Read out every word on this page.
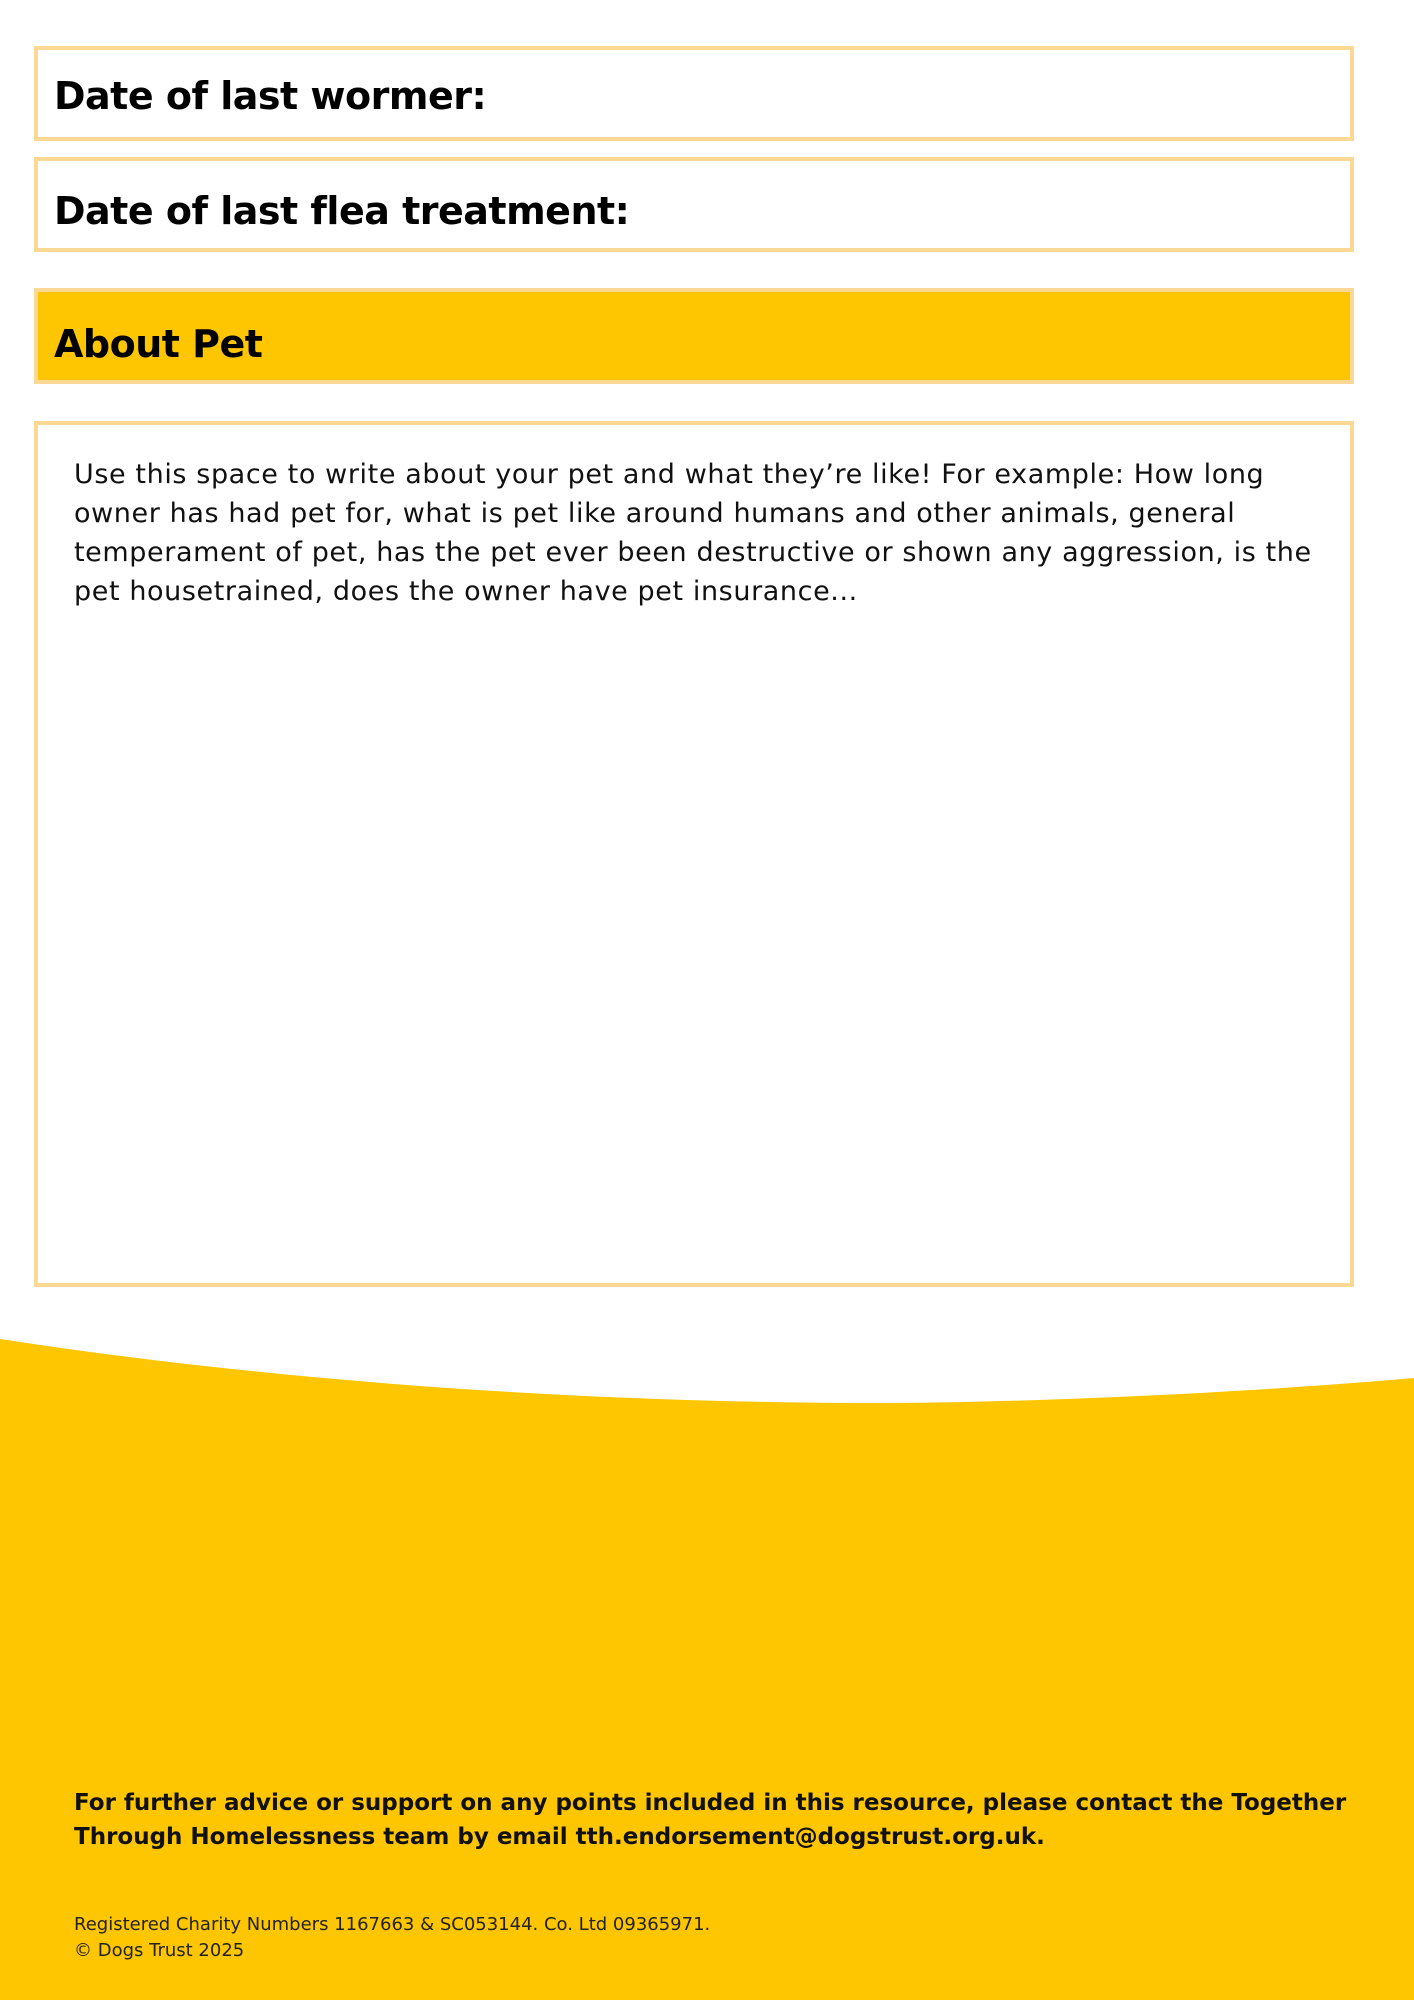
Date of last wormer:
Date of last flea treatment:
About Pet

Use this space to write about your pet and what they’re like! For example: How long owner has had pet for, what is pet like around humans and other animals, general temperament of pet, has the pet ever been destructive or shown any aggression, is the pet housetrained, does the owner have pet insurance...

For further advice or support on any points included in this resource, please contact the Together Through Homelessness team by email tth.endorsement@dogstrust.org.uk.

Registered Charity Numbers 1167663 & SC053144. Co. Ltd 09365971.
© Dogs Trust 2025
